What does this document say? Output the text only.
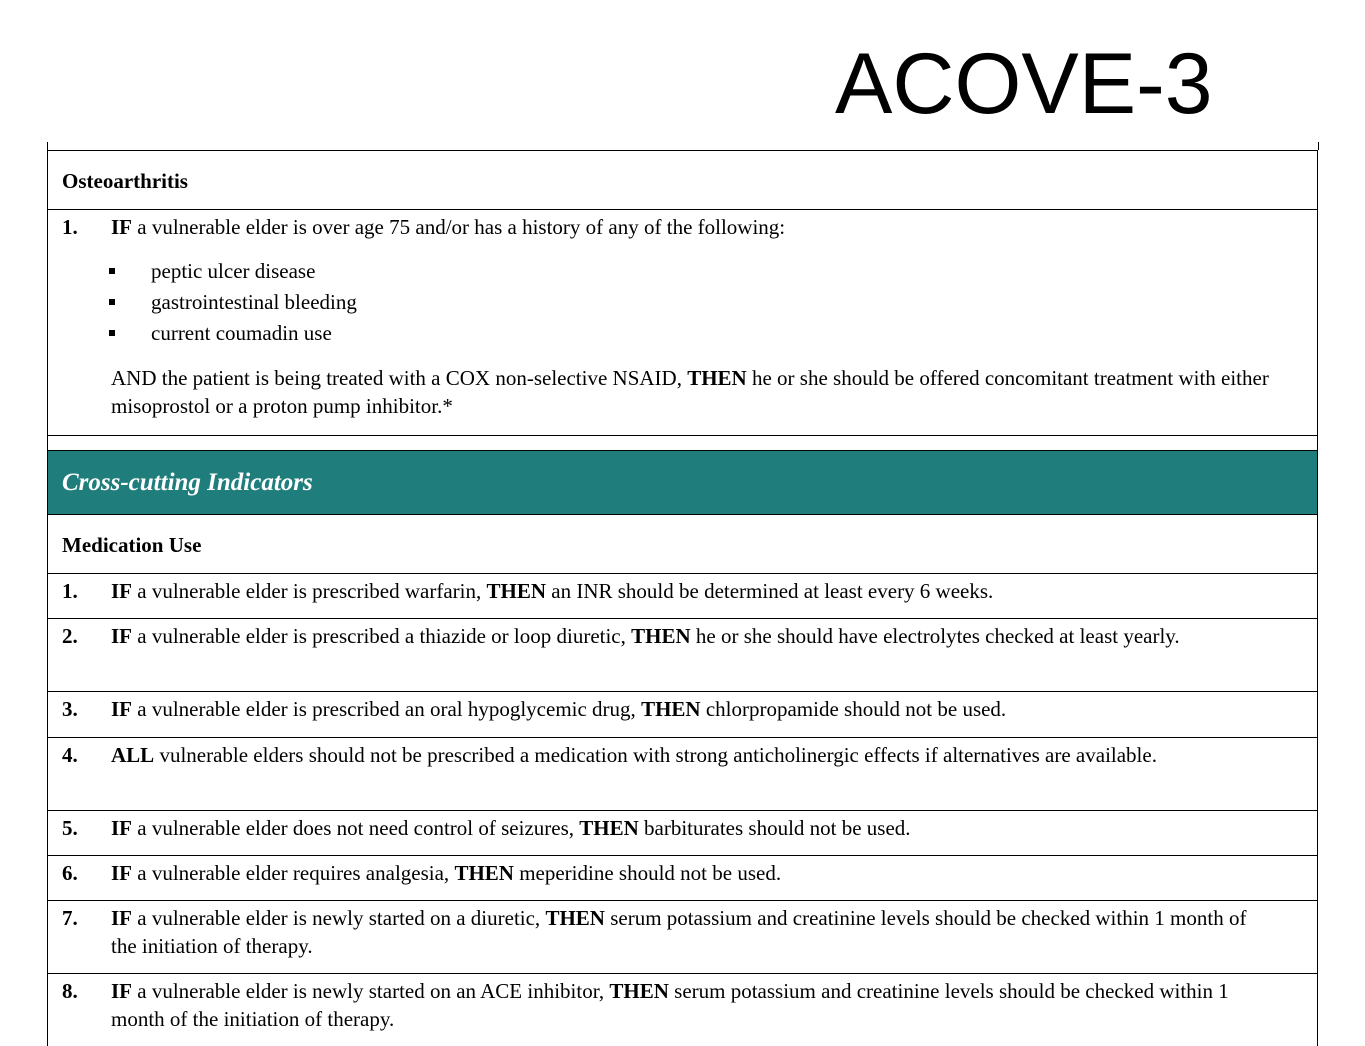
ACOVE-3
Osteoarthritis
1. IF a vulnerable elder is over age 75 and/or has a history of any of the following:
peptic ulcer disease
gastrointestinal bleeding
current coumadin use
AND the patient is being treated with a COX non-selective NSAID, THEN he or she should be offered concomitant treatment with either misoprostol or a proton pump inhibitor.*
Cross-cutting Indicators
Medication Use
1. IF a vulnerable elder is prescribed warfarin, THEN an INR should be determined at least every 6 weeks.
2. IF a vulnerable elder is prescribed a thiazide or loop diuretic, THEN he or she should have electrolytes checked at least yearly.
3. IF a vulnerable elder is prescribed an oral hypoglycemic drug, THEN chlorpropamide should not be used.
4. ALL vulnerable elders should not be prescribed a medication with strong anticholinergic effects if alternatives are available.
5. IF a vulnerable elder does not need control of seizures, THEN barbiturates should not be used.
6. IF a vulnerable elder requires analgesia, THEN meperidine should not be used.
7. IF a vulnerable elder is newly started on a diuretic, THEN serum potassium and creatinine levels should be checked within 1 month of the initiation of therapy.
8. IF a vulnerable elder is newly started on an ACE inhibitor, THEN serum potassium and creatinine levels should be checked within 1 month of the initiation of therapy.
